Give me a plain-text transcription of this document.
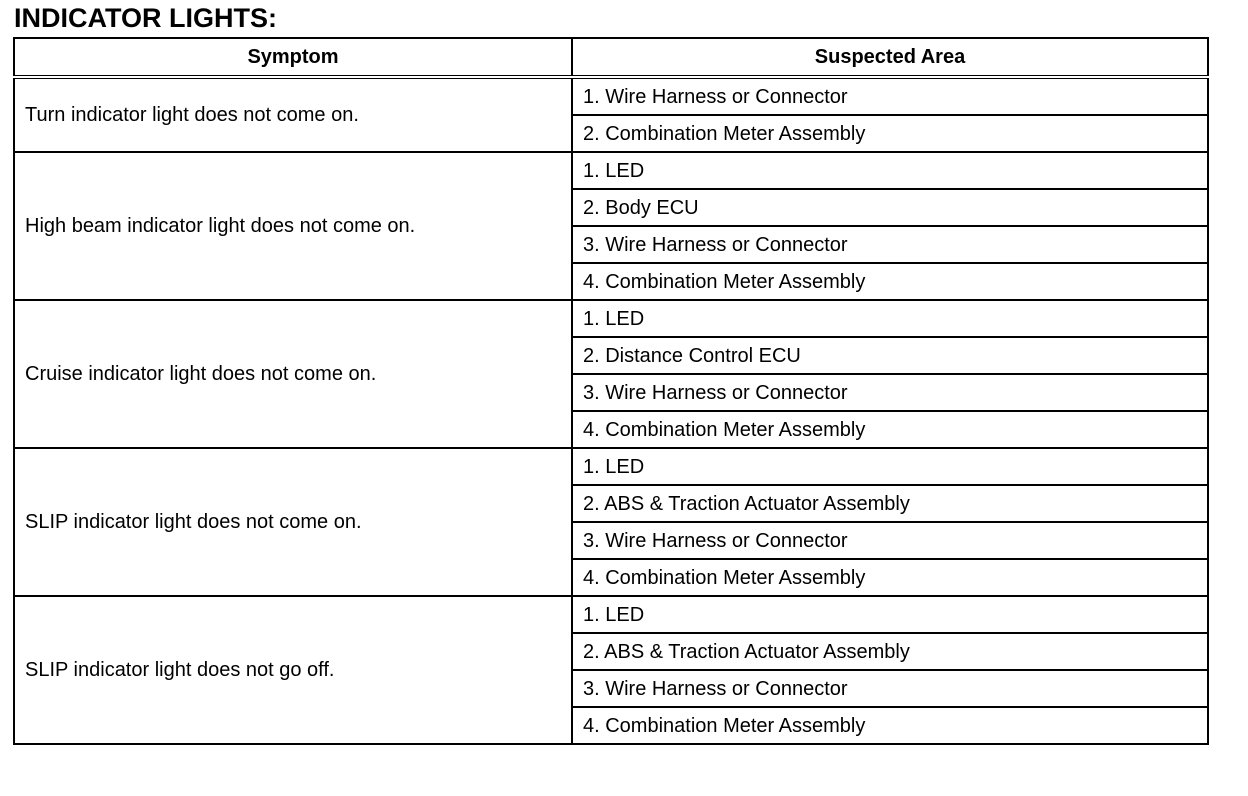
INDICATOR LIGHTS:
Symptom	Suspected Area
Turn indicator light does not come on.	1. Wire Harness or Connector
	2. Combination Meter Assembly
High beam indicator light does not come on.	1. LED
	2. Body ECU
	3. Wire Harness or Connector
	4. Combination Meter Assembly
Cruise indicator light does not come on.	1. LED
	2. Distance Control ECU
	3. Wire Harness or Connector
	4. Combination Meter Assembly
SLIP indicator light does not come on.	1. LED
	2. ABS & Traction Actuator Assembly
	3. Wire Harness or Connector
	4. Combination Meter Assembly
SLIP indicator light does not go off.	1. LED
	2. ABS & Traction Actuator Assembly
	3. Wire Harness or Connector
	4. Combination Meter Assembly
